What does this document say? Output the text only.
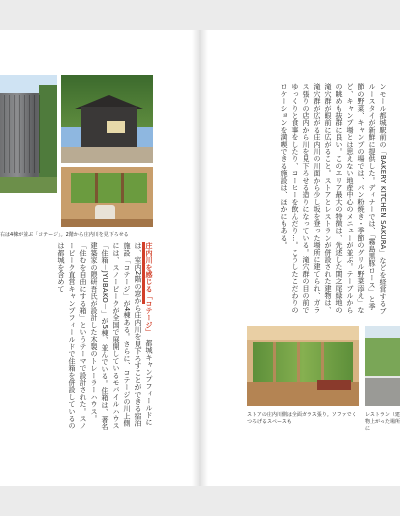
右は4棟が並ぶ「コテージ」。2階から庄内川を見下ろせる
庄内川を感じる「コテージ」　都城キャンプフィールドには、室内2階の窓から庄内川を見下ろすことができる宿泊施設「コテージ」が4棟ある。さらに、コテージの川上側には、スノーピークが全国で展開しているモバイルハウス「住箱－JYUBAKO－」が5棟、並んでいる。住箱は、著名建築家の隈研吾氏が設計した木製のトレーラーハウス。「住むを自由にする箱」というテーマで設計された。スノーピーク直営キャンプフィールドで住箱を併設しているのは都城を含めて	ンモール都城駅前の「BAKERY KITCHEN SAKURA」などを経営するブルースタイが新鮮に提供した。ディナーでは、「霧島黒豚ロース」と季節の野菜、キャンプの場では、パン粉焼き・季節のグリル野菜添え」など、キャンプ場とは思えない地産中心のメニューが並ぶ。テーブルからの眺めも抜群に良い。このエリア最大の特徴は、先述した関之尾緑地の滝穴群が眼前に広がること。ストアとレストランが併設された建物は、滝穴群が広がる庄内川の川面から少し坂を登った場所に建てられ、ガラス張りの店内から川を見下ろせる造りになっている。滝穴群の目の前でゆっくりと食事をしたり、コーヒーを飲んだり…。こうしたこだわりのロケーションを満喫できる施設は、ほかにもある。
ストアの庄内川側は全面ガラス張り。ソファでくつろげるスペースも
レストラン（建物上がった場所に
